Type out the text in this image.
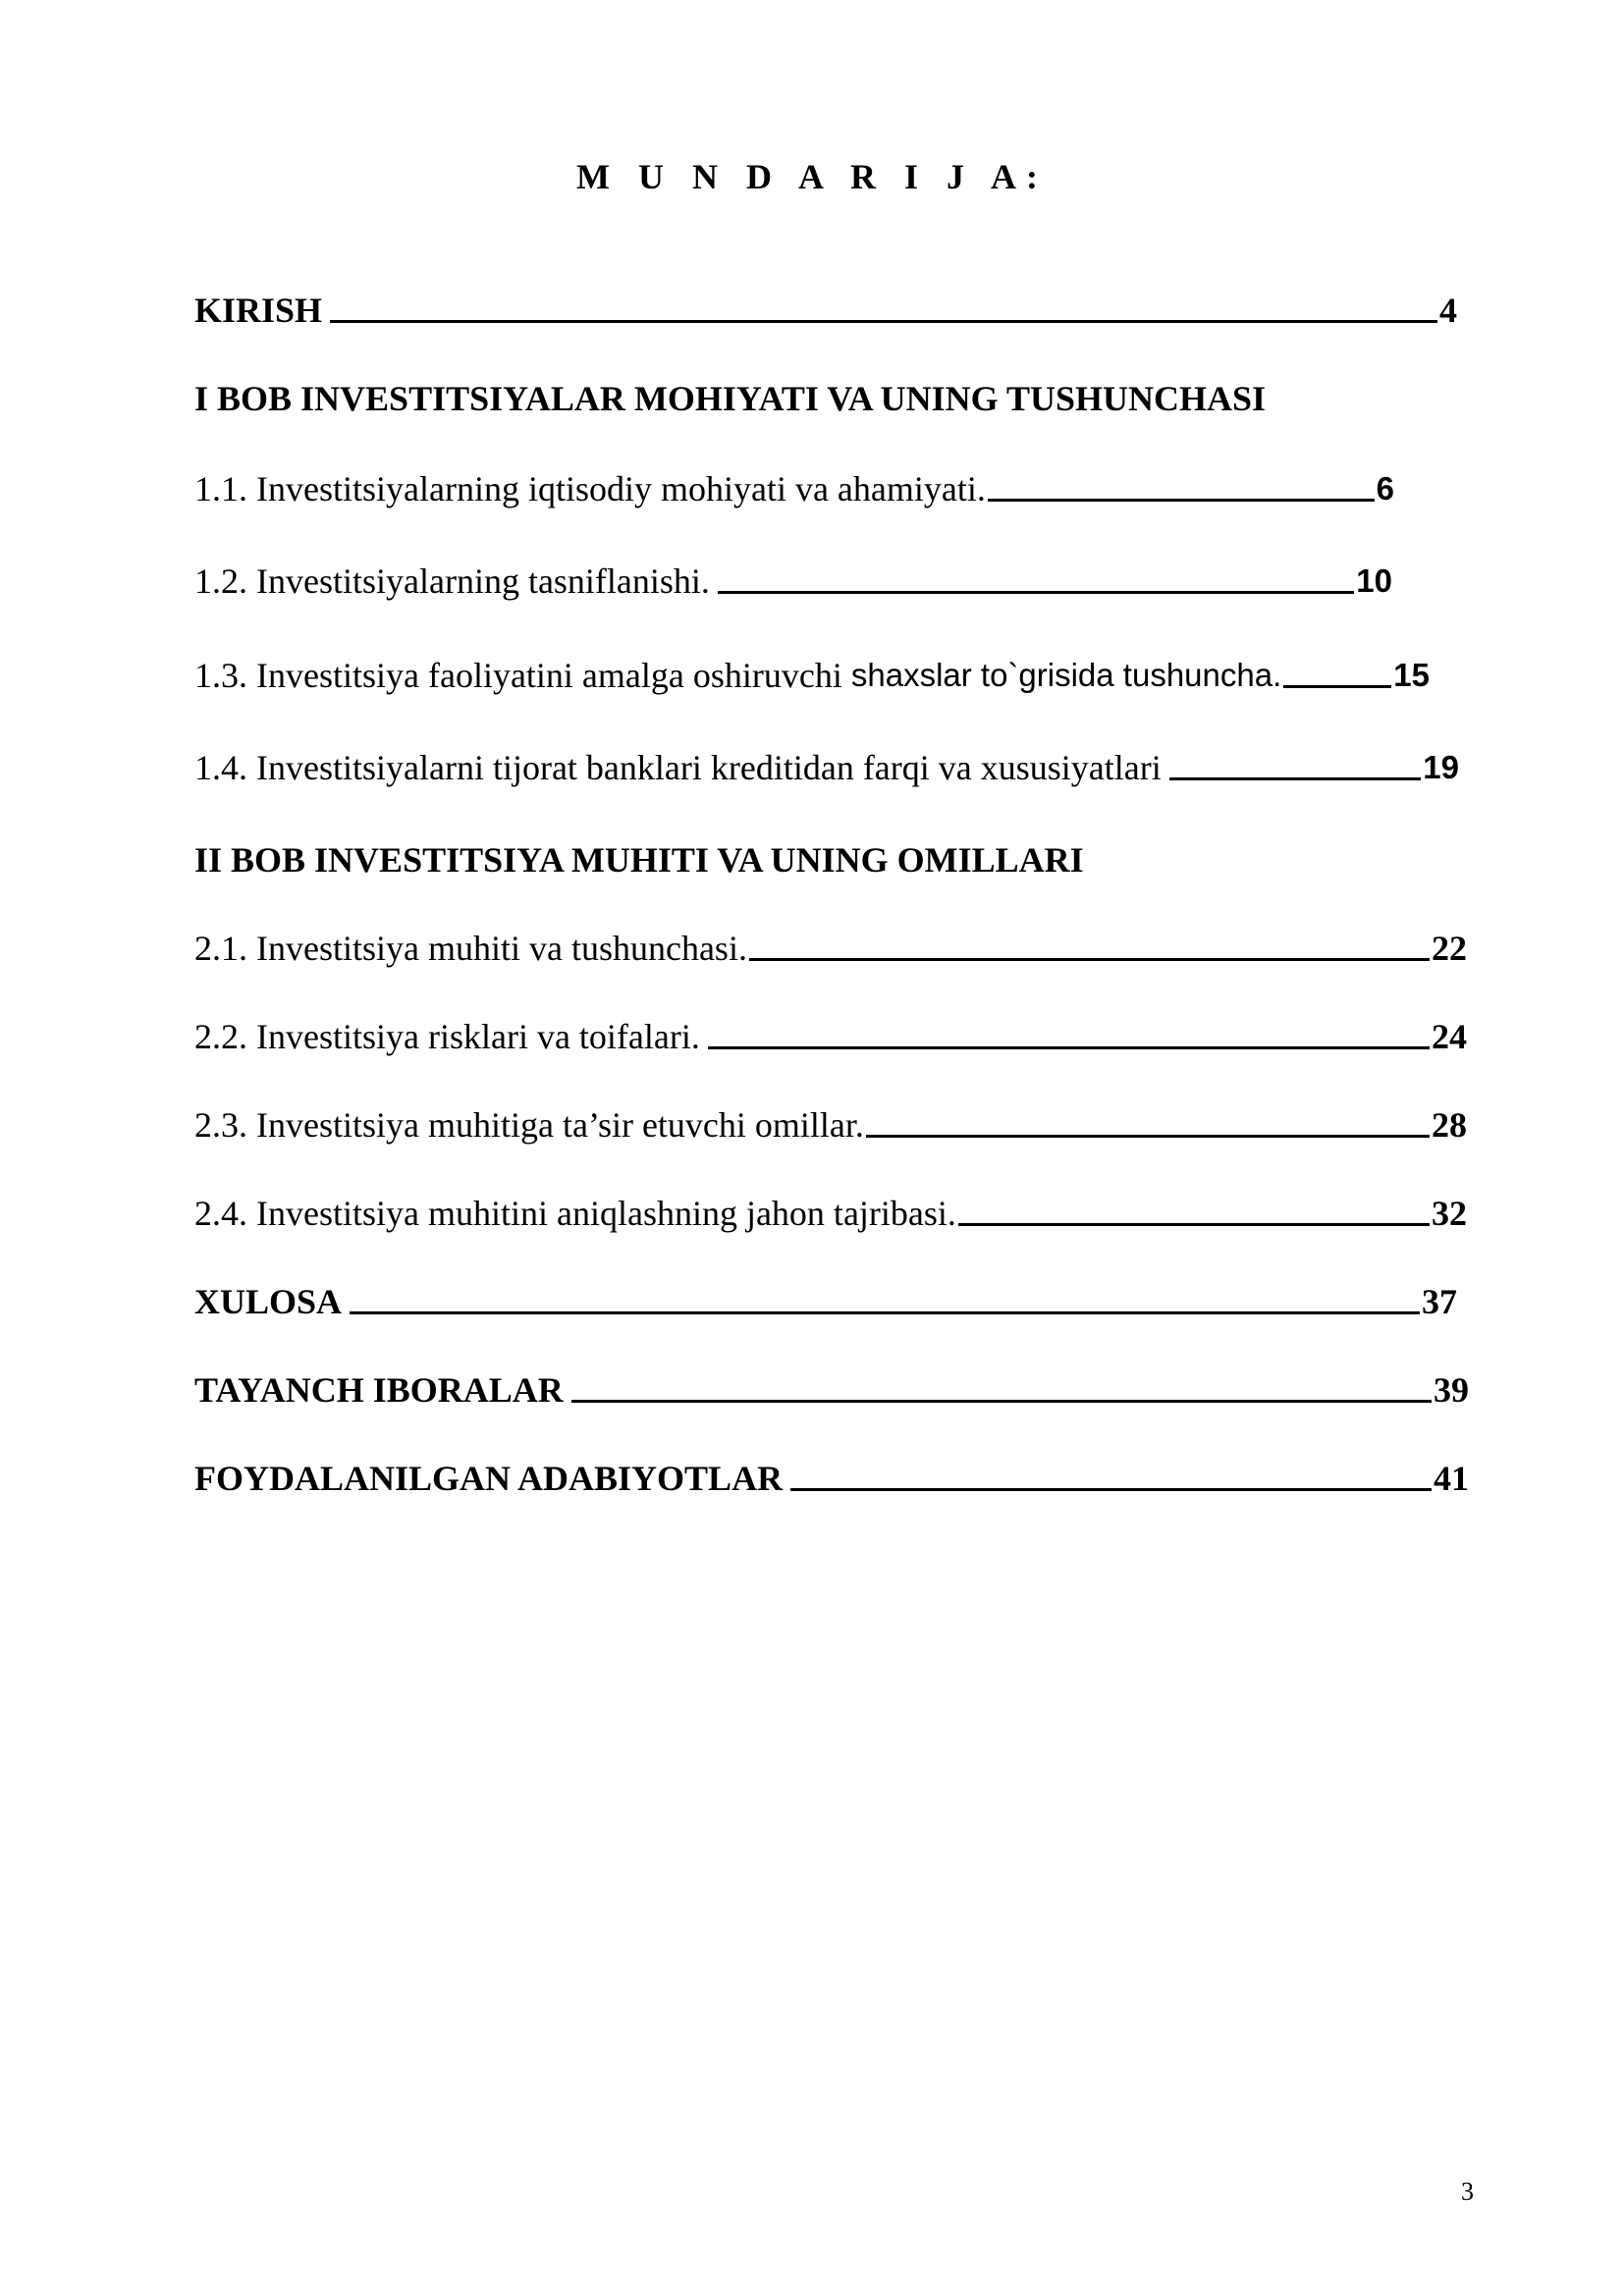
M U N D A R I J A:
KIRISH	4
I BOB INVESTITSIYALAR MOHIYATI VA UNING TUSHUNCHASI
1.1. Investitsiyalarning iqtisodiy mohiyati va ahamiyati.	6
1.2. Investitsiyalarning tasniflanishi.	10
1.3. Investitsiya faoliyatini amalga oshiruvchi shaxslar to`grisida tushuncha.	15
1.4. Investitsiyalarni tijorat banklari kreditidan farqi va xususiyatlari	19
II BOB INVESTITSIYA MUHITI VA UNING OMILLARI
2.1. Investitsiya muhiti va tushunchasi.	22
2.2. Investitsiya risklari va toifalari.	24
2.3. Investitsiya muhitiga ta’sir etuvchi omillar.	28
2.4. Investitsiya muhitini aniqlashning jahon tajribasi.	32
XULOSA	37
TAYANCH IBORALAR	39
FOYDALANILGAN ADABIYOTLAR	41
3
